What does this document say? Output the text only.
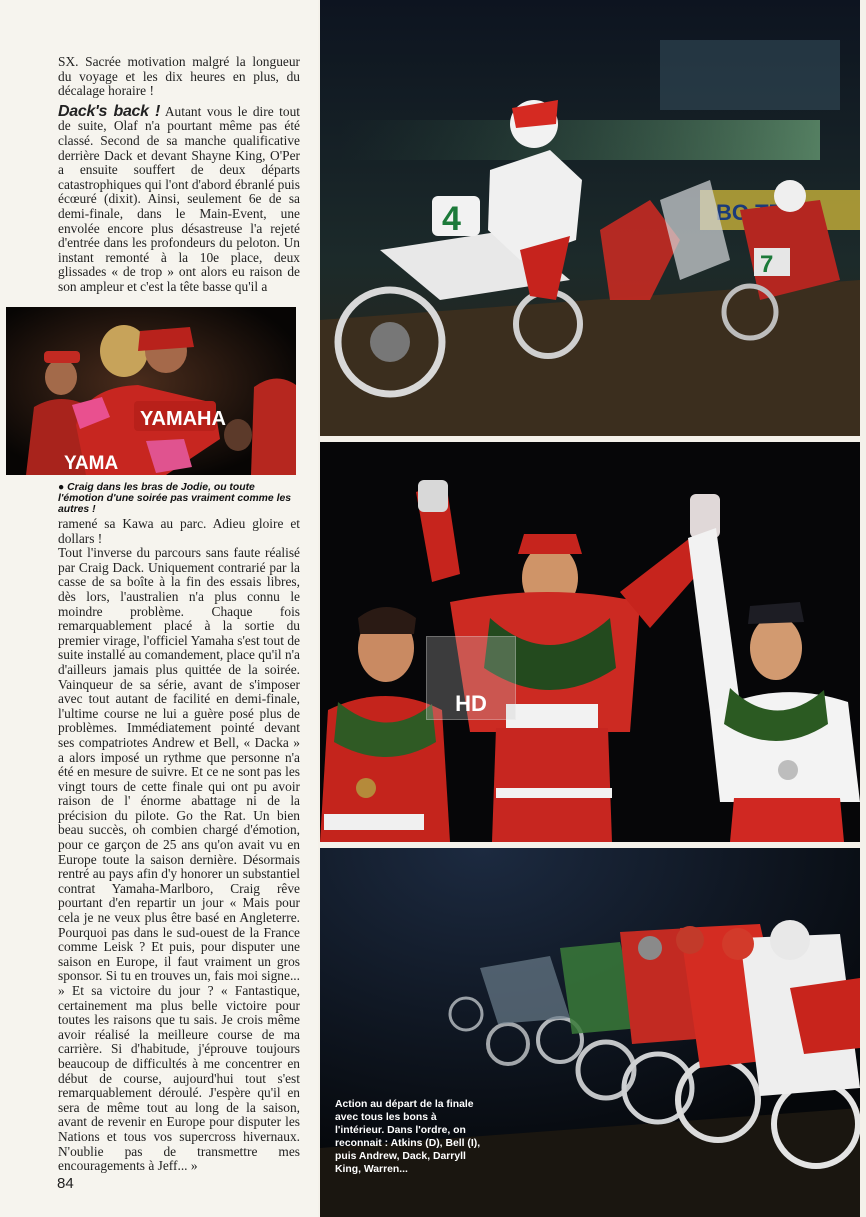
SX. Sacrée motivation malgré la longueur du voyage et les dix heures en plus, du décalage horaire !

Dack's back ! Autant vous le dire tout de suite, Olaf n'a pourtant même pas été classé. Second de sa manche qualificative derrière Dack et devant Shayne King, O'Per a ensuite souffert de deux départs catastrophiques qui l'ont d'abord ébranlé puis écœuré (dixit). Ainsi, seulement 6e de sa demi-finale, dans le Main-Event, une envolée encore plus désastreuse l'a rejeté d'entrée dans les profondeurs du peloton. Un instant remonté à la 10e place, deux glissades « de trop » ont alors eu raison de son ampleur et c'est la tête basse qu'il a

YAMAHA
YAMA
● Craig dans les bras de Jodie, ou toute l'émotion d'une soirée pas vraiment comme les autres !

ramené sa Kawa au parc. Adieu gloire et dollars !

Tout l'inverse du parcours sans faute réalisé par Craig Dack. Uniquement contrarié par la casse de sa boîte à la fin des essais libres, dès lors, l'australien n'a plus connu le moindre problème. Chaque fois remarquablement placé à la sortie du premier virage, l'officiel Yamaha s'est tout de suite installé au comandement, place qu'il n'a d'ailleurs jamais plus quittée de la soirée. Vainqueur de sa série, avant de s'imposer avec tout autant de facilité en demi-finale, l'ultime course ne lui a guère posé plus de problèmes. Immédiatement pointé devant ses compatriotes Andrew et Bell, « Dacka » a alors imposé un rythme que personne n'a été en mesure de suivre. Et ce ne sont pas les vingt tours de cette finale qui ont pu avoir raison de l' énorme abattage ni de la précision du pilote. Go the Rat. Un bien beau succès, oh combien chargé d'émotion, pour ce garçon de 25 ans qu'on avait vu en Europe toute la saison dernière. Désormais rentré au pays afin d'y honorer un substantiel contrat Yamaha-Marlboro, Craig rêve pourtant d'en repartir un jour « Mais pour cela je ne veux plus être basé en Angleterre. Pourquoi pas dans le sud-ouest de la France comme Leisk ? Et puis, pour disputer une saison en Europe, il faut vraiment un gros sponsor. Si tu en trouves un, fais moi signe... » Et sa victoire du jour ? « Fantastique, certainement ma plus belle victoire pour toutes les raisons que tu sais. Je crois même avoir réalisé la meilleure course de ma carrière. Si d'habitude, j'éprouve toujours beaucoup de difficultés à me concentrer en début de course, aujourd'hui tout s'est remarquablement déroulé. J'espère qu'il en sera de même tout au long de la saison, avant de revenir en Europe pour disputer les Nations et tous vos supercross hivernaux. N'oublie pas de transmettre mes encouragements à Jeff... »

84
BO
4
7
HD
Action au départ de la finale avec tous les bons à l'intérieur. Dans l'ordre, on reconnait : Atkins (D), Bell (I), puis Andrew, Dack, Darryll King, Warren...
